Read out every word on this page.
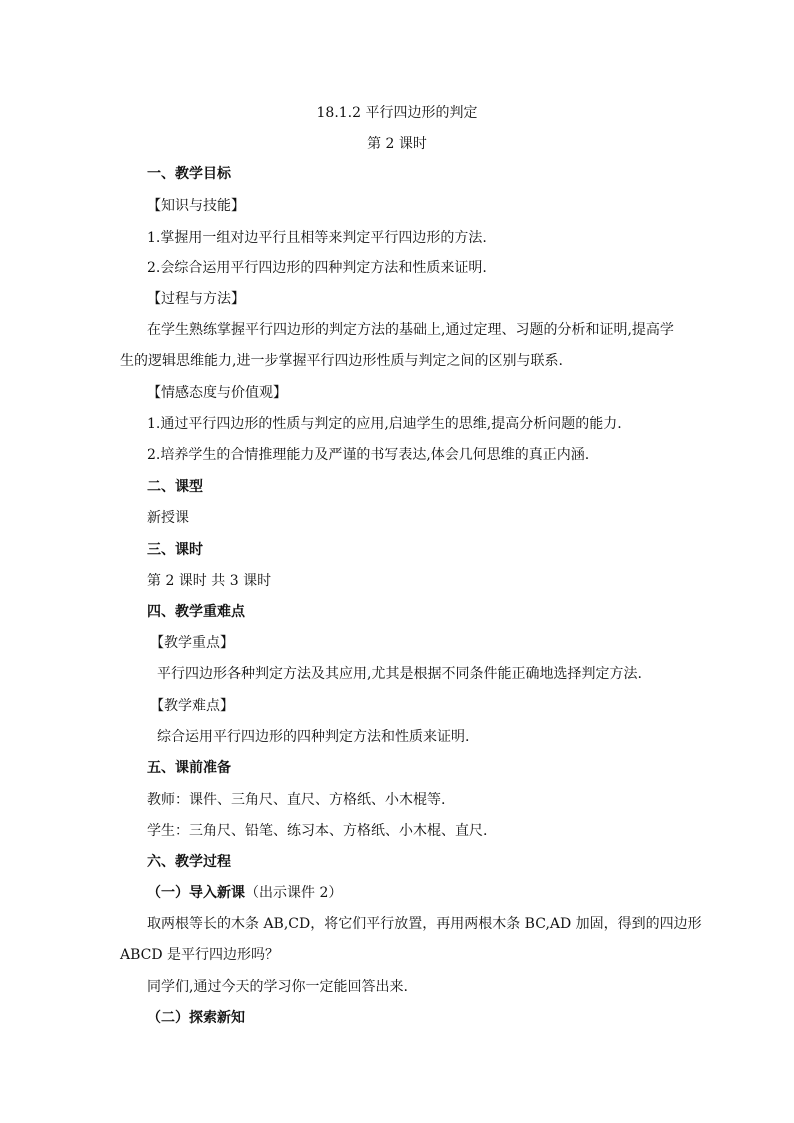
18.1.2 平行四边形的判定
第 2 课时
一、教学目标
【知识与技能】
1.掌握用一组对边平行且相等来判定平行四边形的方法.
2.会综合运用平行四边形的四种判定方法和性质来证明.
【过程与方法】
在学生熟练掌握平行四边形的判定方法的基础上,通过定理、习题的分析和证明,提高学
生的逻辑思维能力,进一步掌握平行四边形性质与判定之间的区别与联系.
【情感态度与价值观】
1.通过平行四边形的性质与判定的应用,启迪学生的思维,提高分析问题的能力.
2.培养学生的合情推理能力及严谨的书写表达,体会几何思维的真正内涵.
二、课型
新授课
三、课时
第 2 课时 共 3 课时
四、教学重难点
【教学重点】
平行四边形各种判定方法及其应用,尤其是根据不同条件能正确地选择判定方法.
【教学难点】
综合运用平行四边形的四种判定方法和性质来证明.
五、课前准备
教师：课件、三角尺、直尺、方格纸、小木棍等.
学生：三角尺、铅笔、练习本、方格纸、小木棍、直尺.
六、教学过程
（一）导入新课（出示课件 2）
取两根等长的木条 AB,CD，将它们平行放置，再用两根木条 BC,AD 加固，得到的四边形
ABCD 是平行四边形吗？
同学们,通过今天的学习你一定能回答出来.
（二）探索新知
